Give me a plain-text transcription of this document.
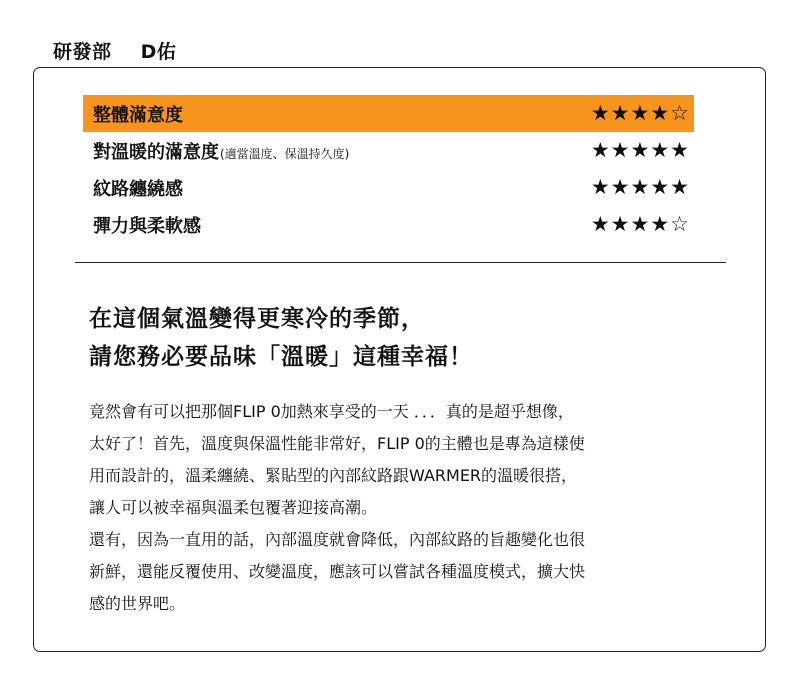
研發部 D佑
整體滿意度	★★★★☆
對溫暖的滿意度(適當溫度、保溫持久度)	★★★★★
紋路纏繞感	★★★★★
彈力與柔軟感	★★★★☆
在這個氣溫變得更寒冷的季節，
請您務必要品味「溫暖」這種幸福！
竟然會有可以把那個FLIP 0加熱來享受的一天 ．．．真的是超乎想像，
太好了！首先，溫度與保溫性能非常好，FLIP 0的主體也是專為這樣使
用而設計的，溫柔纏繞、緊貼型的內部紋路跟WARMER的溫暖很搭，
讓人可以被幸福與溫柔包覆著迎接高潮。
還有，因為一直用的話，內部溫度就會降低，內部紋路的旨趣變化也很
新鮮，還能反覆使用、改變溫度，應該可以嘗試各種溫度模式，擴大快
感的世界吧。
